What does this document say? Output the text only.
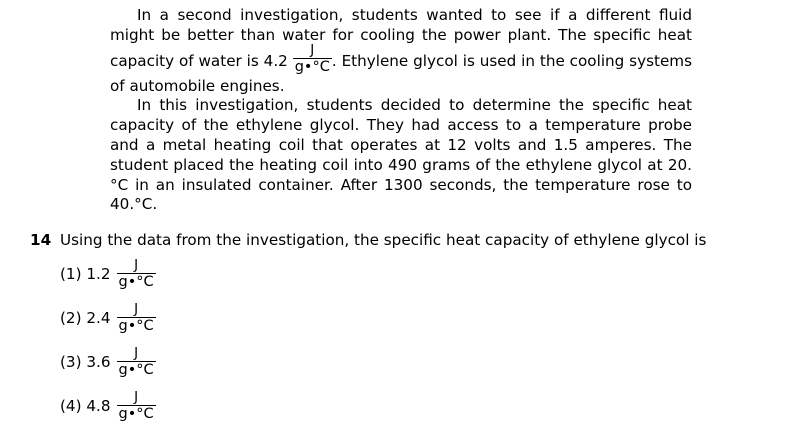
In a second investigation, students wanted to see if a different fluid might be better than water for cooling the power plant. The specific heat capacity of water is $4.2 \frac{J}{g•^\circ C}$ . Ethylene glycol is used in the cooling systems of automobile engines.

In this investigation, students decided to determine the specific heat capacity of the ethylene glycol. They had access to a temperature probe and a metal heating coil that operates at 12 volts and 1.5 amperes. The student placed the heating coil into 490 grams of the ethylene glycol at 20.°C in an insulated container. After 1300 seconds, the temperature rose to 40.°C.

14 Using the data from the investigation, the specific heat capacity of ethylene glycol is
(1) $1.2 \frac{J}{g•^\circ C}$
(2) $2.4 \frac{J}{g•^\circ C}$
(3) $3.6 \frac{J}{g•^\circ C}$
(4) $4.8 \frac{J}{g•^\circ C}$
